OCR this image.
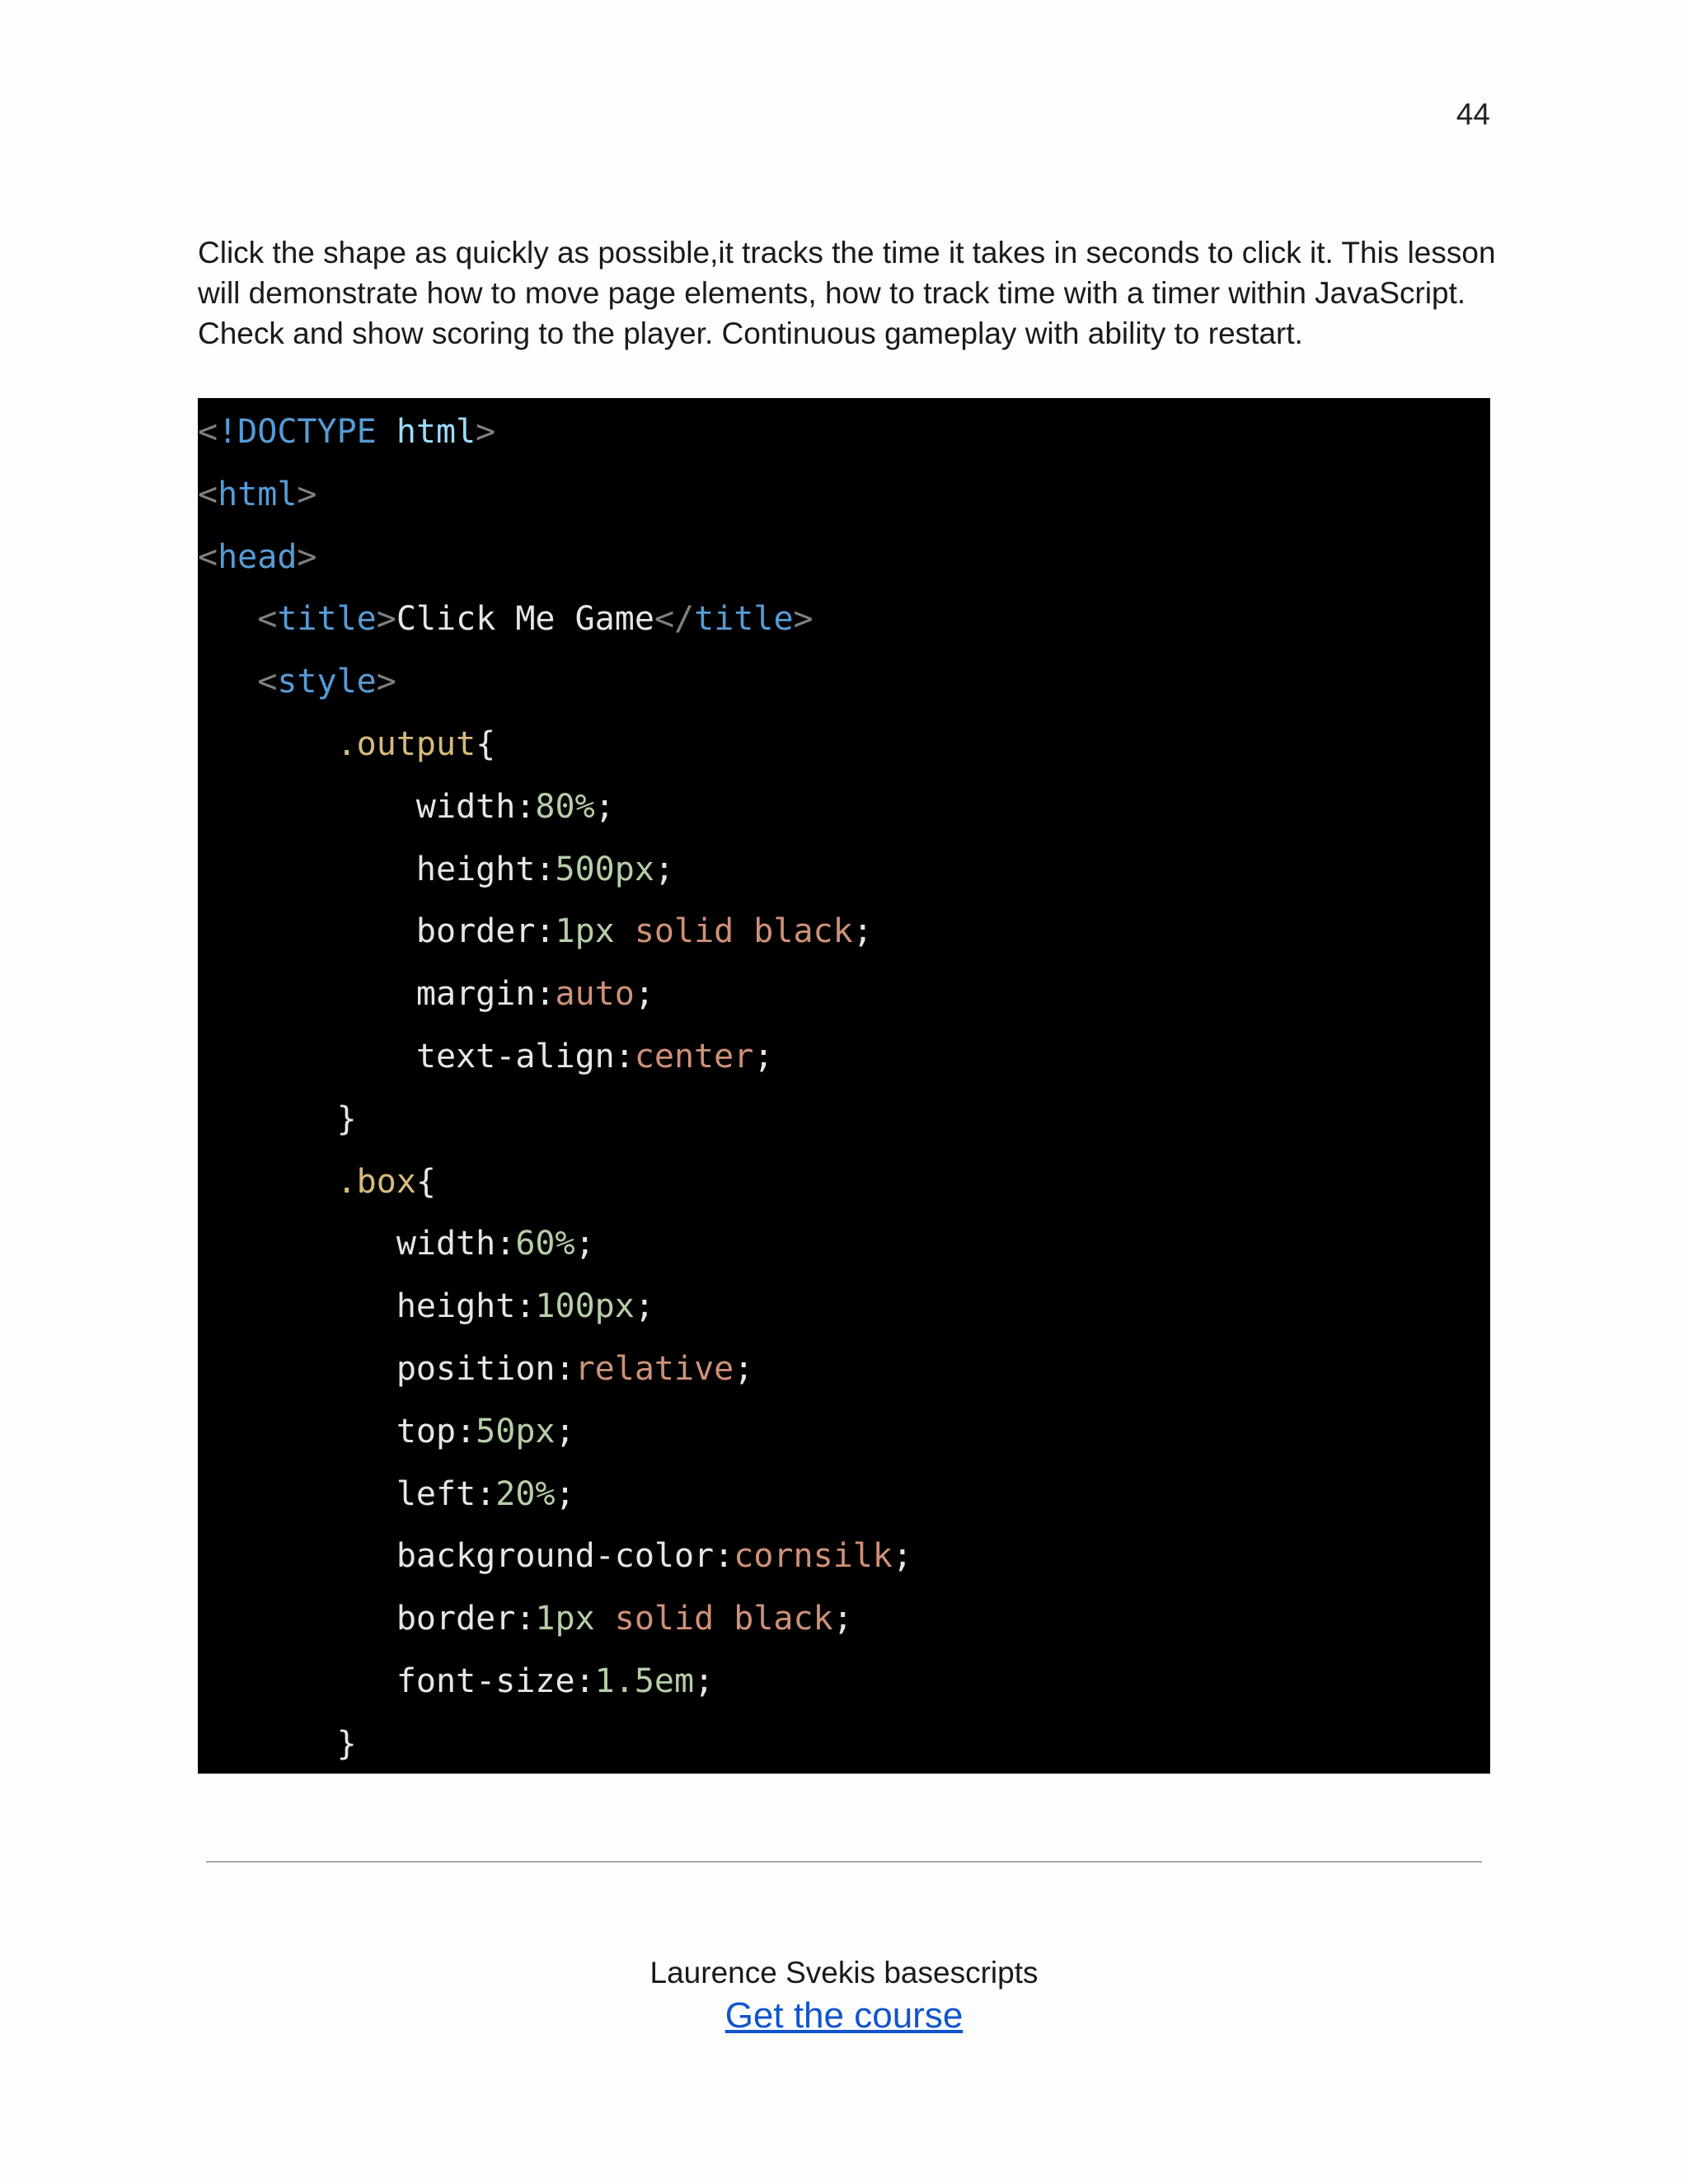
44

Click the shape as quickly as possible,it tracks the time it takes in seconds to click it. This lesson will demonstrate how to move page elements, how to track time with a timer within JavaScript. Check and show scoring to the player. Continuous gameplay with ability to restart.

<!DOCTYPE html>
<html>
<head>
<title>Click Me Game</title>
<style>
.output{
width:80%;
height:500px;
border:1px solid black;
margin:auto;
text-align:center;
}
.box{
width:60%;
height:100px;
position:relative;
top:50px;
left:20%;
background-color:cornsilk;
border:1px solid black;
font-size:1.5em;
}
Laurence Svekis basescripts
Get the course
